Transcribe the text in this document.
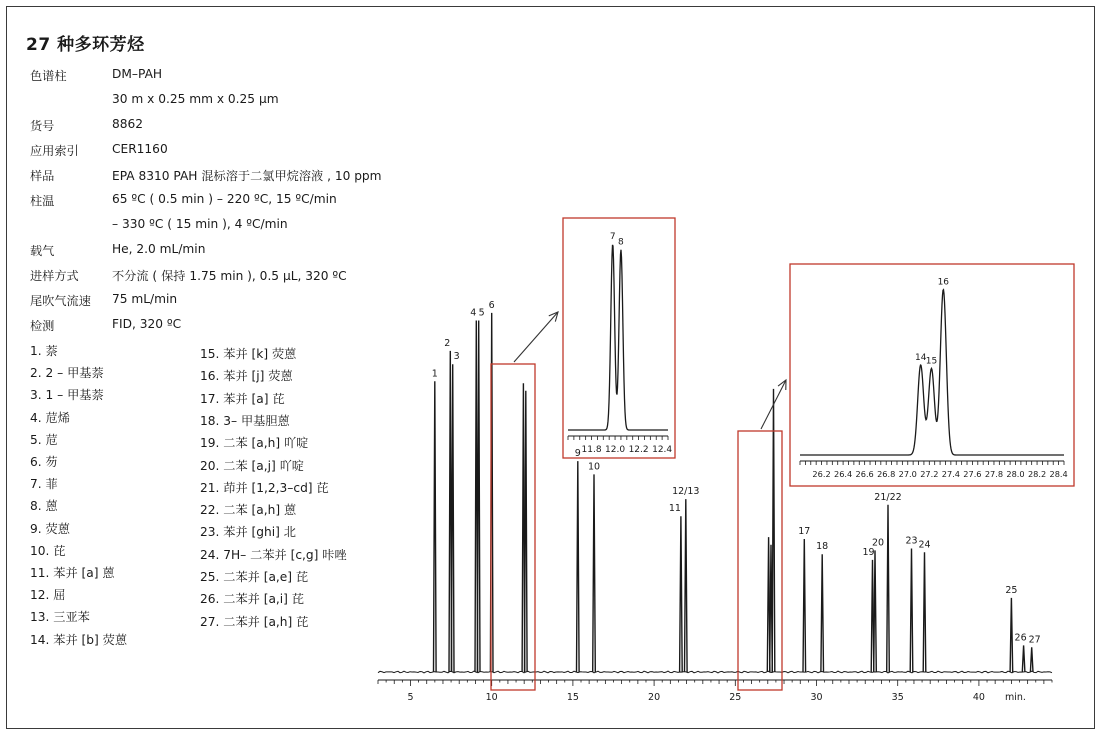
27 种多环芳烃
色谱柱	DM–PAH
30 m x 0.25 mm x 0.25 μm
货号	8862
应用索引	CER1160
样品	EPA 8310 PAH 混标溶于二氯甲烷溶液 , 10 ppm
柱温	65 ºC ( 0.5 min ) – 220 ºC, 15 ºC/min
– 330 ºC ( 15 min ), 4 ºC/min
载气	He, 2.0 mL/min
进样方式	不分流 ( 保持 1.75 min ), 0.5 μL, 320 ºC
尾吹气流速 75 mL/min
检测	FID, 320 ºC
1. 萘
2. 2 – 甲基萘
3. 1 – 甲基萘
4. 苊烯
5. 苊
6. 芴
7. 菲
8. 蒽
9. 荧蒽
10. 芘
11. 苯并 [a] 蒽
12. 屈
13. 三亚苯
14. 苯并 [b] 荧蒽
15. 苯并 [k] 荧蒽
16. 苯并 [j] 荧蒽
17. 苯并 [a] 芘
18. 3– 甲基胆蒽
19. 二苯 [a,h] 吖啶
20. 二苯 [a,j] 吖啶
21. 茚并 [1,2,3–cd] 芘
22. 二苯 [a,h] 蒽
23. 苯并 [ghi] 北
24. 7H– 二苯并 [c,g] 咔唑
25. 二苯并 [a,e] 芘
26. 二苯并 [a,i] 芘
27. 二苯并 [a,h] 芘
1
2
3
4 5
6
9
10
11
12/13
17
18
19
20
21/22
23 24
25
26 27
5	10	15	20	25	30	35	40 min.
7
8
11.8 12.0 12.2 12.4
14 15
16
26.2 26.4 26.6 26.8 27.0 27.2 27.4 27.6 27.8 28.0 28.2 28.4
